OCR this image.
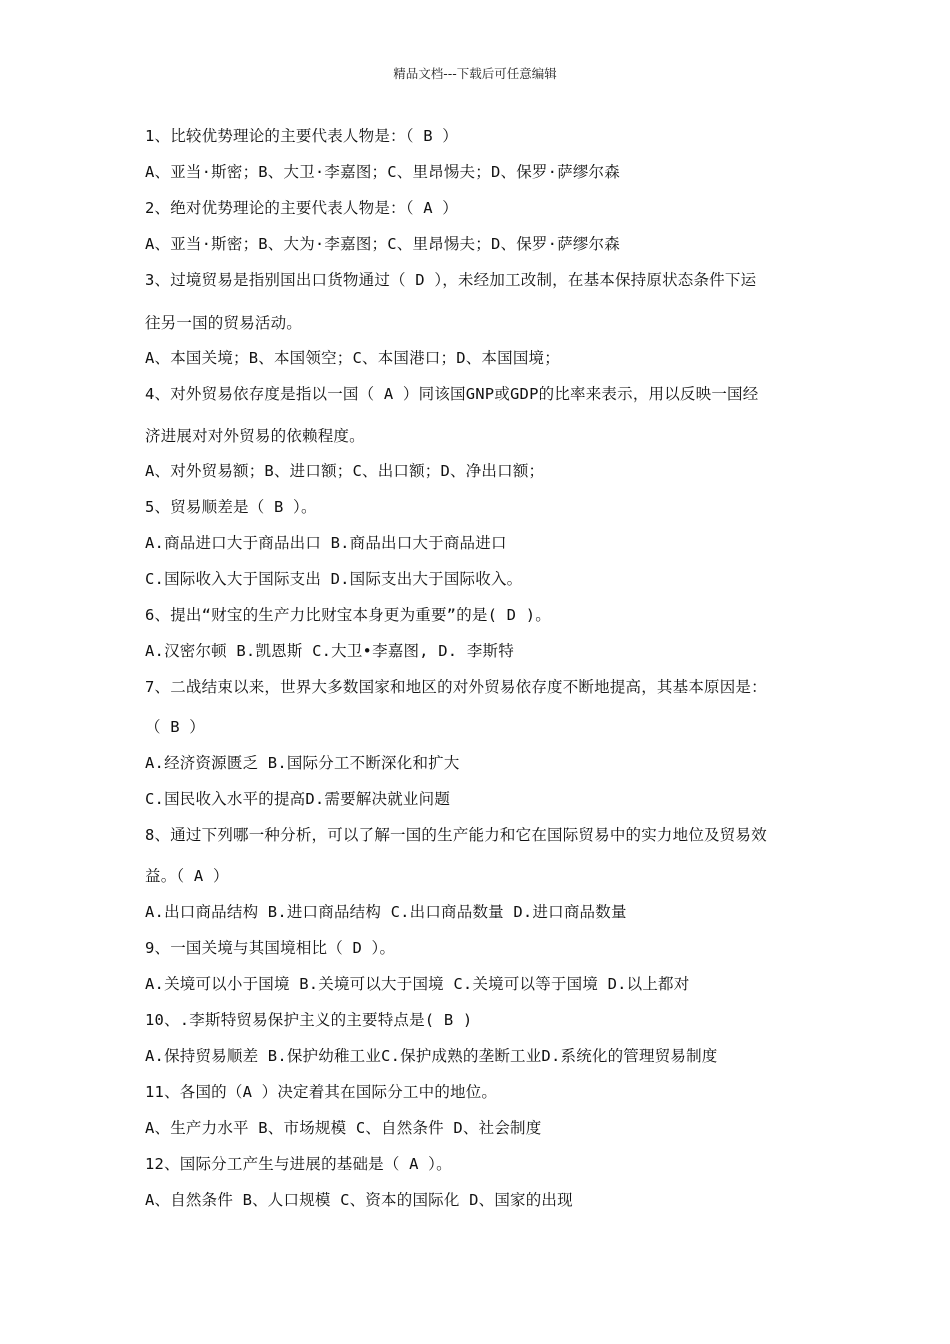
精品文档---下载后可任意编辑
1、比较优势理论的主要代表人物是：（ B ）
A、亚当·斯密；B、大卫·李嘉图；C、里昂惕夫；D、保罗·萨缪尔森
2、绝对优势理论的主要代表人物是：（ A ）
A、亚当·斯密；B、大为·李嘉图；C、里昂惕夫；D、保罗·萨缪尔森
3、过境贸易是指别国出口货物通过（ D ），未经加工改制，在基本保持原状态条件下运
往另一国的贸易活动。
A、本国关境；B、本国领空；C、本国港口；D、本国国境；
4、对外贸易依存度是指以一国（ A ）同该国GNP或GDP的比率来表示，用以反映一国经
济进展对对外贸易的依赖程度。
A、对外贸易额；B、进口额；C、出口额；D、净出口额；
5、贸易顺差是（ B ）。
A.商品进口大于商品出口 B.商品出口大于商品进口
C.国际收入大于国际支出 D.国际支出大于国际收入。
6、提出“财宝的生产力比财宝本身更为重要”的是( D )。
A.汉密尔顿 B.凯恩斯 C.大卫•李嘉图, D. 李斯特
7、二战结束以来，世界大多数国家和地区的对外贸易依存度不断地提高，其基本原因是：
（ B ）
A.经济资源匮乏 B.国际分工不断深化和扩大
C.国民收入水平的提高D.需要解决就业问题
8、通过下列哪一种分析，可以了解一国的生产能力和它在国际贸易中的实力地位及贸易效
益。（ A ）
A.出口商品结构 B.进口商品结构 C.出口商品数量 D.进口商品数量
9、一国关境与其国境相比（ D ）。
A.关境可以小于国境 B.关境可以大于国境 C.关境可以等于国境 D.以上都对
10、.李斯特贸易保护主义的主要特点是( B )
A.保持贸易顺差 B.保护幼稚工业C.保护成熟的垄断工业D.系统化的管理贸易制度
11、各国的（A ）决定着其在国际分工中的地位。
A、生产力水平 B、市场规模 C、自然条件 D、社会制度
12、国际分工产生与进展的基础是（ A ）。
A、自然条件 B、人口规模 C、资本的国际化 D、国家的出现
